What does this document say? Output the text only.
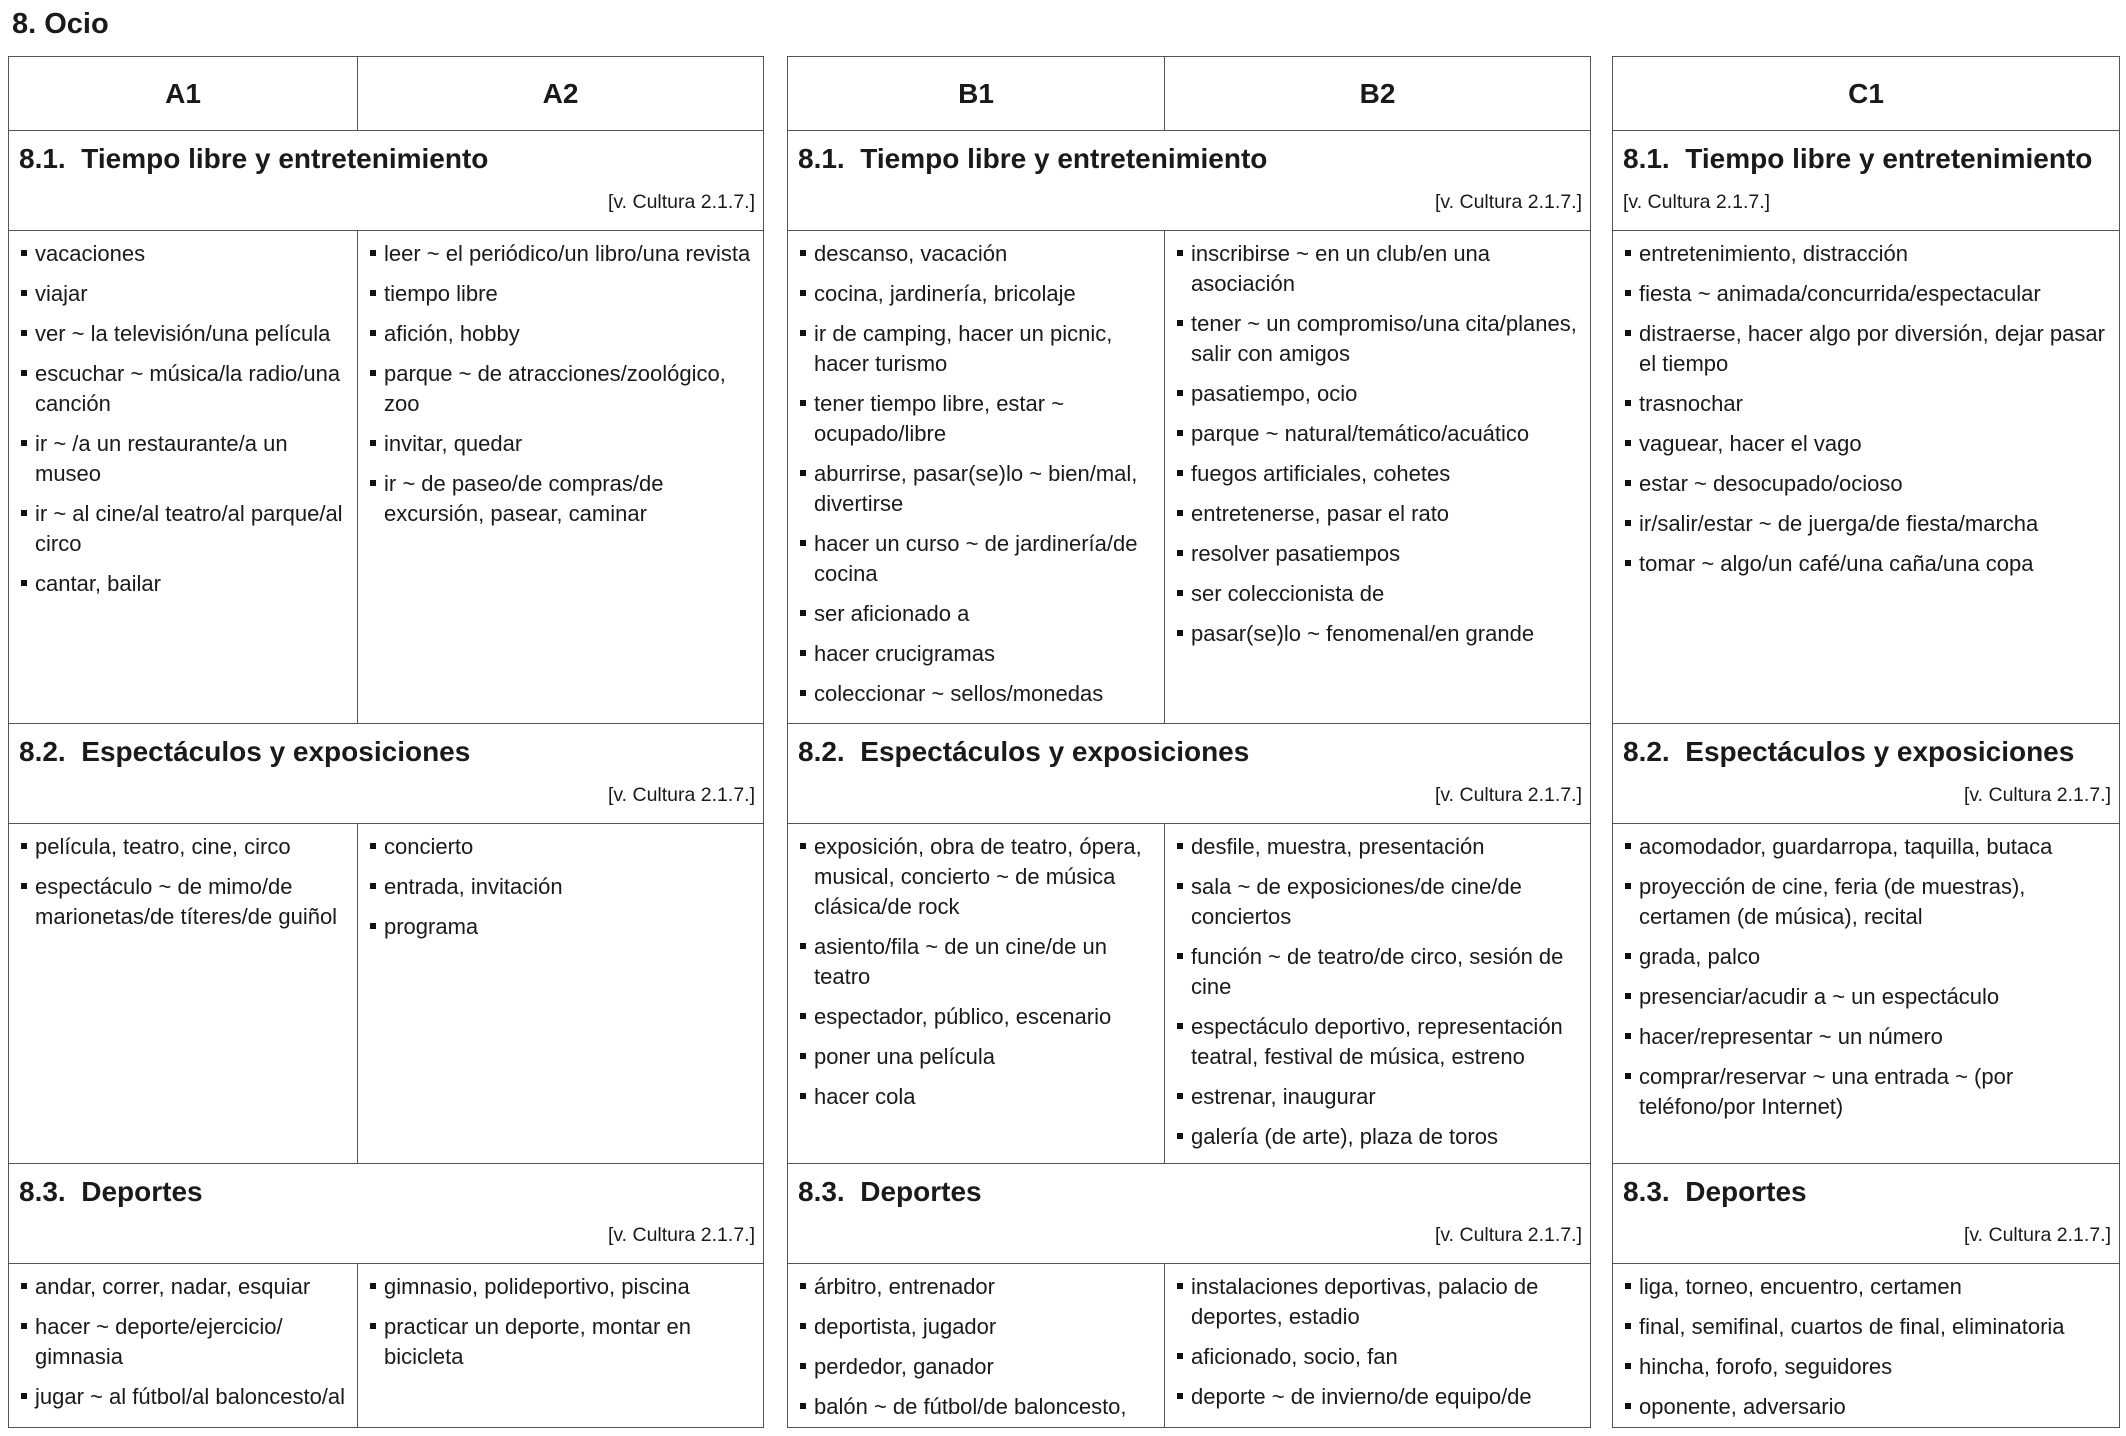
8. Ocio
A1	A2
8.1.  Tiempo libre y entretenimiento
[v. Cultura 2.1.7.]
vacaciones
viajar
ver ~ la televisión/una película
escuchar ~ música/la radio/una canción
ir ~ /a un restaurante/a un museo
ir ~ al cine/al teatro/al parque/al circo
cantar, bailar
leer ~ el periódico/un libro/una revista
tiempo libre
afición, hobby
parque ~ de atracciones/zoológico, zoo
invitar, quedar
ir ~ de paseo/de compras/de excursión, pasear, caminar
8.2.  Espectáculos y exposiciones
[v. Cultura 2.1.7.]
película, teatro, cine, circo
espectáculo ~ de mimo/de marionetas/de títeres/de guiñol
concierto
entrada, invitación
programa
8.3.  Deportes
[v. Cultura 2.1.7.]
andar, correr, nadar, esquiar
hacer ~ deporte/ejercicio/ gimnasia
jugar ~ al fútbol/al baloncesto/al
gimnasio, polideportivo, piscina
practicar un deporte, montar en bicicleta
B1	B2
8.1.  Tiempo libre y entretenimiento
[v. Cultura 2.1.7.]
descanso, vacación
cocina, jardinería, bricolaje
ir de camping, hacer un picnic, hacer turismo
tener tiempo libre, estar ~ ocupado/libre
aburrirse, pasar(se)lo ~ bien/mal, divertirse
hacer un curso ~ de jardinería/de cocina
ser aficionado a
hacer crucigramas
coleccionar ~ sellos/monedas
inscribirse ~ en un club/en una asociación
tener ~ un compromiso/una cita/planes, salir con amigos
pasatiempo, ocio
parque ~ natural/temático/acuático
fuegos artificiales, cohetes
entretenerse, pasar el rato
resolver pasatiempos
ser coleccionista de
pasar(se)lo ~ fenomenal/en grande
8.2.  Espectáculos y exposiciones
[v. Cultura 2.1.7.]
exposición, obra de teatro, ópera, musical, concierto ~ de música clásica/de rock
asiento/fila ~ de un cine/de un teatro
espectador, público, escenario
poner una película
hacer cola
desfile, muestra, presentación
sala ~ de exposiciones/de cine/de conciertos
función ~ de teatro/de circo, sesión de cine
espectáculo deportivo, representación teatral, festival de música, estreno
estrenar, inaugurar
galería (de arte), plaza de toros
8.3.  Deportes
[v. Cultura 2.1.7.]
árbitro, entrenador
deportista, jugador
perdedor, ganador
balón ~ de fútbol/de baloncesto,
instalaciones deportivas, palacio de deportes, estadio
aficionado, socio, fan
deporte ~ de invierno/de equipo/de
C1
8.1.  Tiempo libre y entretenimiento
[v. Cultura 2.1.7.]
entretenimiento, distracción
fiesta ~ animada/concurrida/espectacular
distraerse, hacer algo por diversión, dejar pasar el tiempo
trasnochar
vaguear, hacer el vago
estar ~ desocupado/ocioso
ir/salir/estar ~ de juerga/de fiesta/marcha
tomar ~ algo/un café/una caña/una copa
8.2.  Espectáculos y exposiciones
[v. Cultura 2.1.7.]
acomodador, guardarropa, taquilla, butaca
proyección de cine, feria (de muestras), certamen (de música), recital
grada, palco
presenciar/acudir a ~ un espectáculo
hacer/representar ~ un número
comprar/reservar ~ una entrada ~ (por teléfono/por Internet)
8.3.  Deportes
[v. Cultura 2.1.7.]
liga, torneo, encuentro, certamen
final, semifinal, cuartos de final, eliminatoria
hincha, forofo, seguidores
oponente, adversario
